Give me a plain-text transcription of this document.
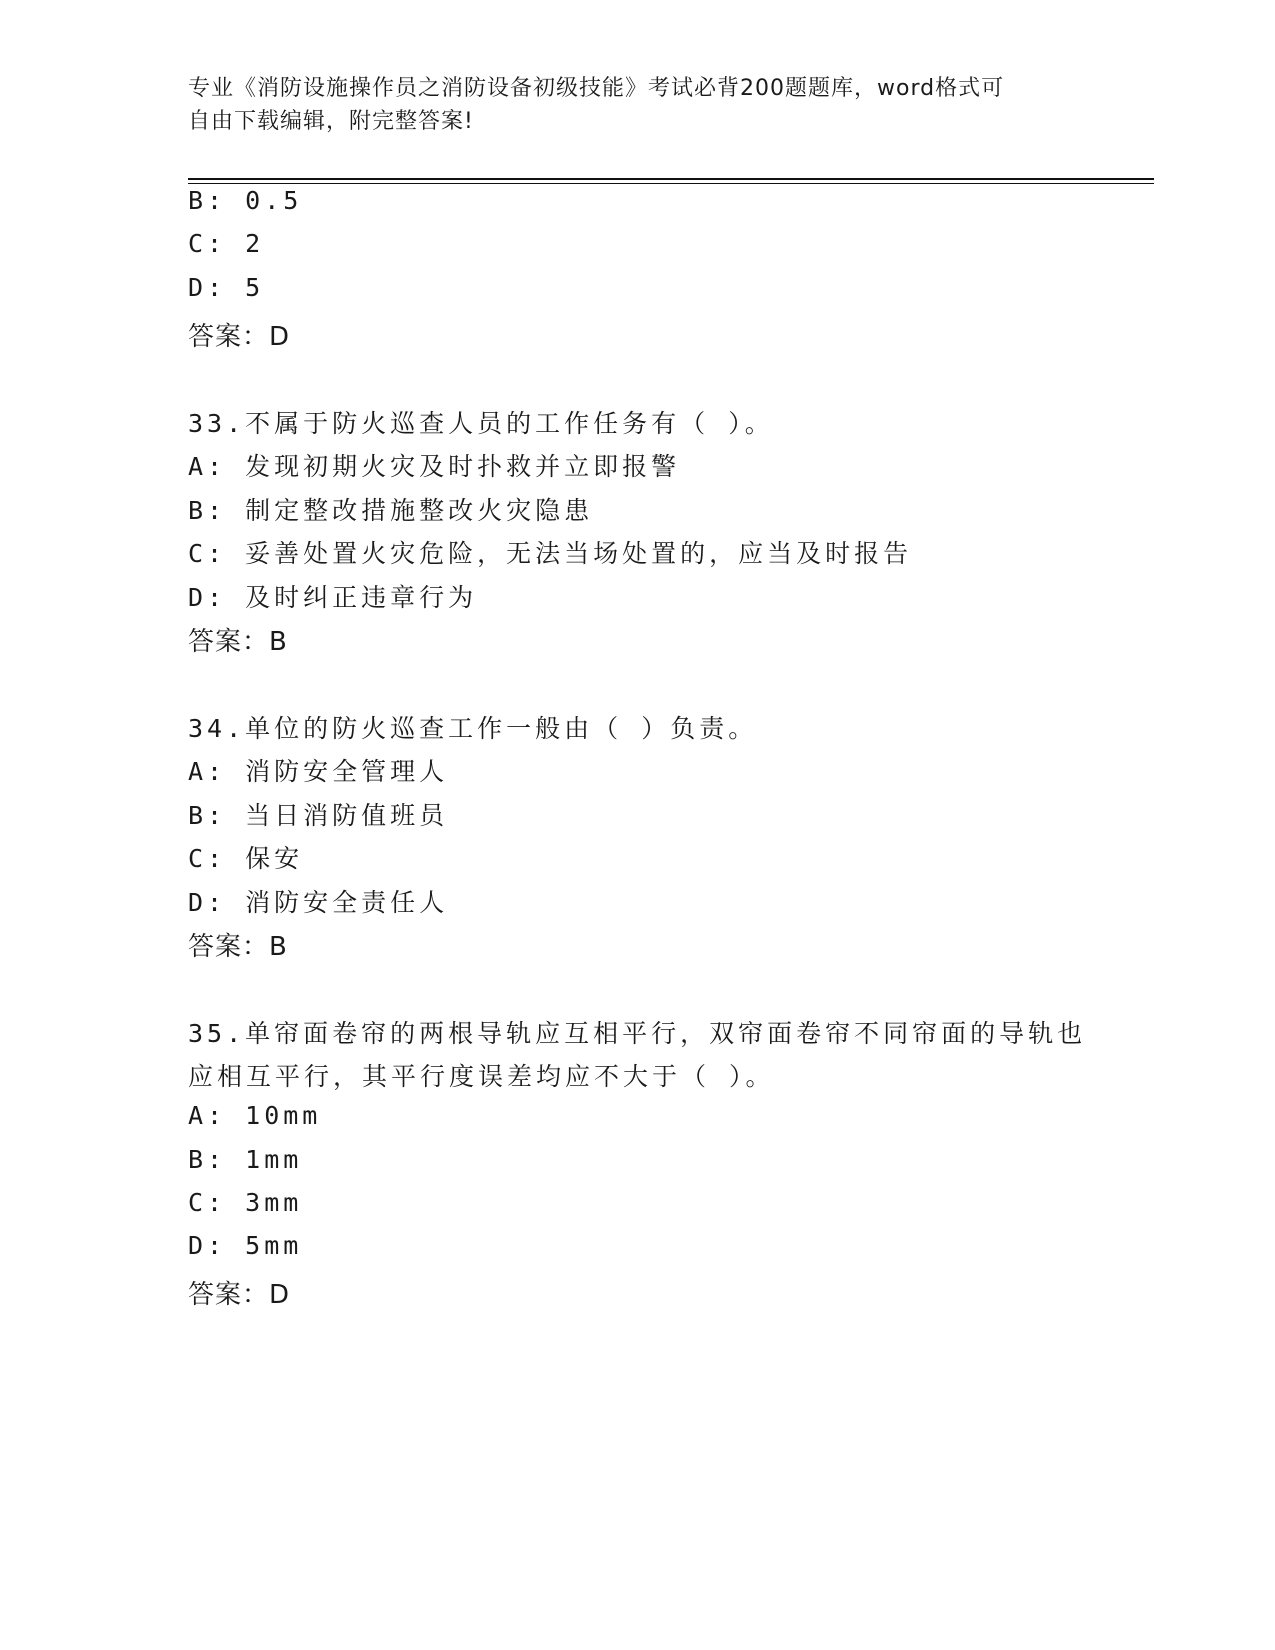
专业《消防设施操作员之消防设备初级技能》考试必背200题题库，word格式可
自由下载编辑，附完整答案!
B: 0.5
C: 2
D: 5
答案：D
33.不属于防火巡查人员的工作任务有（ ）。
A: 发现初期火灾及时扑救并立即报警
B: 制定整改措施整改火灾隐患
C: 妥善处置火灾危险，无法当场处置的，应当及时报告
D: 及时纠正违章行为
答案：B
34.单位的防火巡查工作一般由（ ）负责。
A: 消防安全管理人
B: 当日消防值班员
C: 保安
D: 消防安全责任人
答案：B
35.单帘面卷帘的两根导轨应互相平行，双帘面卷帘不同帘面的导轨也
应相互平行，其平行度误差均应不大于（ ）。
A: 10mm
B: 1mm
C: 3mm
D: 5mm
答案：D
